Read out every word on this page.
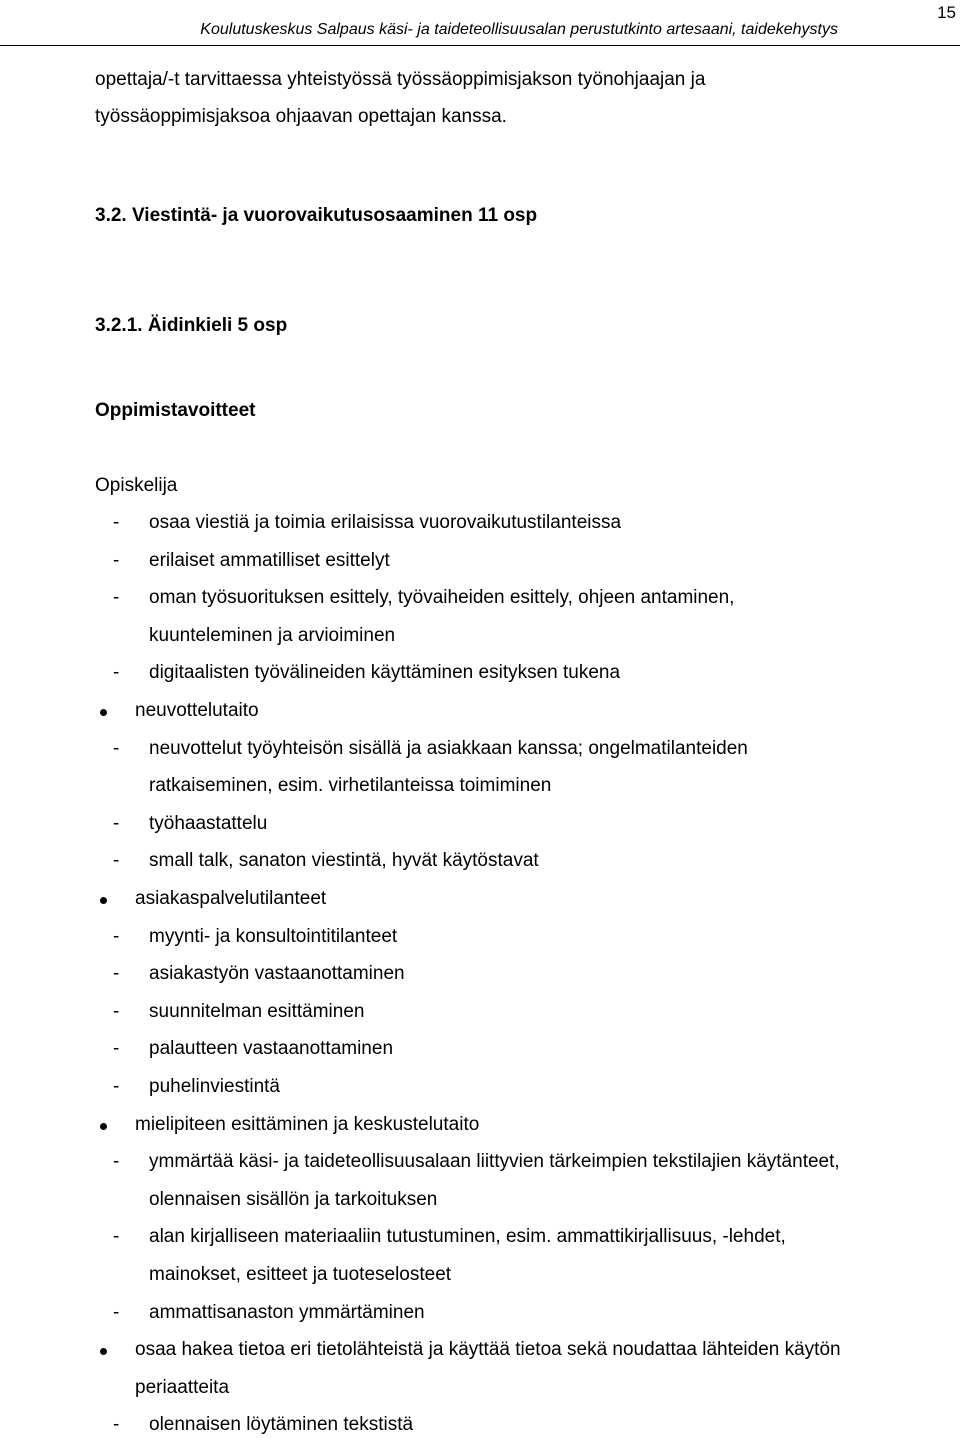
15
Koulutuskeskus Salpaus käsi- ja taideteollisuusalan perustutkinto artesaani, taidekehystys
opettaja/-t tarvittaessa yhteistyössä työssäoppimisjakson työnohjaajan ja
työssäoppimisjaksoa ohjaavan opettajan kanssa.
3.2. Viestintä- ja vuorovaikutusosaaminen 11 osp
3.2.1. Äidinkieli 5 osp
Oppimistavoitteet
Opiskelija
- osaa viestiä ja toimia erilaisissa vuorovaikutustilanteissa
- erilaiset ammatilliset esittelyt
- oman työsuorituksen esittely, työvaiheiden esittely, ohjeen antaminen,
kuunteleminen ja arvioiminen
- digitaalisten työvälineiden käyttäminen esityksen tukena
neuvottelutaito
- neuvottelut työyhteisön sisällä ja asiakkaan kanssa; ongelmatilanteiden
ratkaiseminen, esim. virhetilanteissa toimiminen
- työhaastattelu
- small talk, sanaton viestintä, hyvät käytöstavat
asiakaspalvelutilanteet
- myynti- ja konsultointitilanteet
- asiakastyön vastaanottaminen
- suunnitelman esittäminen
- palautteen vastaanottaminen
- puhelinviestintä
mielipiteen esittäminen ja keskustelutaito
- ymmärtää käsi- ja taideteollisuusalaan liittyvien tärkeimpien tekstilajien käytänteet,
olennaisen sisällön ja tarkoituksen
- alan kirjalliseen materiaaliin tutustuminen, esim. ammattikirjallisuus, -lehdet,
mainokset, esitteet ja tuoteselosteet
- ammattisanaston ymmärtäminen
osaa hakea tietoa eri tietolähteistä ja käyttää tietoa sekä noudattaa lähteiden käytön
periaatteita
- olennaisen löytäminen tekstistä
